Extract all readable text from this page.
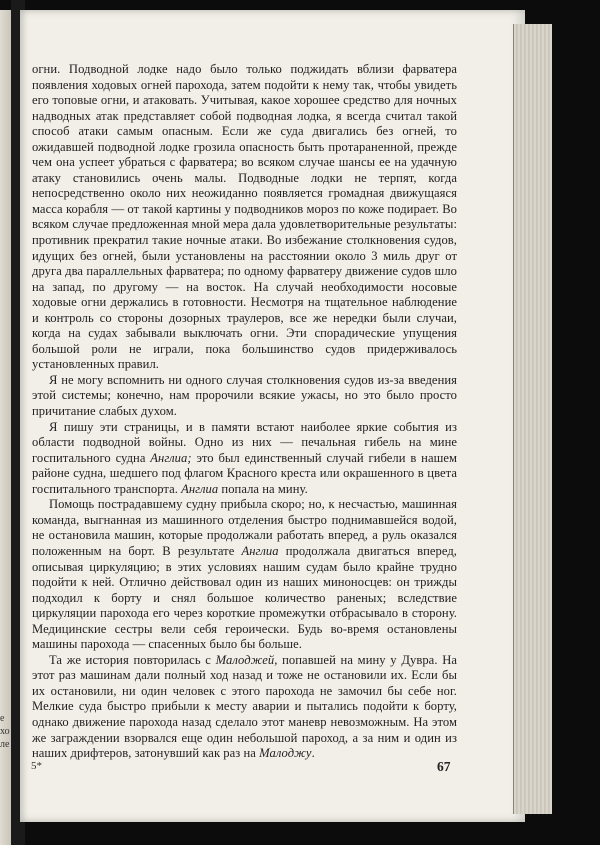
е
хо
ле

огни. Подводной лодке надо было только поджидать вблизи фарватера появления ходовых огней парохода, затем подойти к нему так, чтобы увидеть его топовые огни, и атаковать. Учитывая, какое хорошее средство для ночных надводных атак представляет собой подводная лодка, я всегда считал такой способ атаки самым опасным. Если же суда двигались без огней, то ожидавшей подводной лодке грозила опасность быть протараненной, прежде чем она успеет убраться с фарватера; во всяком случае шансы ее на удачную атаку становились очень малы. Подводные лодки не терпят, когда непосредственно около них неожиданно появляется громадная движущаяся масса корабля — от такой картины у подводников мороз по коже подирает. Во всяком случае предложенная мной мера дала удовлетворительные результаты: противник прекратил такие ночные атаки. Во избежание столкновения судов, идущих без огней, были установлены на расстоянии около 3 миль друг от друга два параллельных фарватера; по одному фарватеру движение судов шло на запад, по другому — на восток. На случай необходимости носовые ходовые огни держались в готовности. Несмотря на тщательное наблюдение и контроль со стороны дозорных траулеров, все же нередки были случаи, когда на судах забывали выключать огни. Эти спорадические упущения большой роли не играли, пока большинство судов придерживалось установленных правил.

Я не могу вспомнить ни одного случая столкновения судов из-за введения этой системы; конечно, нам пророчили всякие ужасы, но это было просто причитание слабых духом.

Я пишу эти страницы, и в памяти встают наиболее яркие события из области подводной войны. Одно из них — печальная гибель на мине госпитального судна Англиа; это был единственный случай гибели в нашем районе судна, шедшего под флагом Красного креста или окрашенного в цвета госпитального транспорта. Англиа попала на мину.

Помощь пострадавшему судну прибыла скоро; но, к несчастью, машинная команда, выгнанная из машинного отделения быстро поднимавшейся водой, не остановила машин, которые продолжали работать вперед, а руль оказался положенным на борт. В результате Англиа продолжала двигаться вперед, описывая циркуляцию; в этих условиях нашим судам было крайне трудно подойти к ней. Отлично действовал один из наших миноносцев: он трижды подходил к борту и снял большое количество раненых; вследствие циркуляции парохода его через короткие промежутки отбрасывало в сторону. Медицинские сестры вели себя героически. Будь во-время остановлены машины парохода — спасенных было бы больше.

Та же история повторилась с Малоджей, попавшей на мину у Дувра. На этот раз машинам дали полный ход назад и тоже не остановили их. Если бы их остановили, ни один человек с этого парохода не замочил бы себе ног. Мелкие суда быстро прибыли к месту аварии и пытались подойти к борту, однако движение парохода назад сделало этот маневр невозможным. На этом же заграждении взорвался еще один небольшой пароход, а за ним и один из наших дрифтеров, затонувший как раз на Малоджу.

5*	67
